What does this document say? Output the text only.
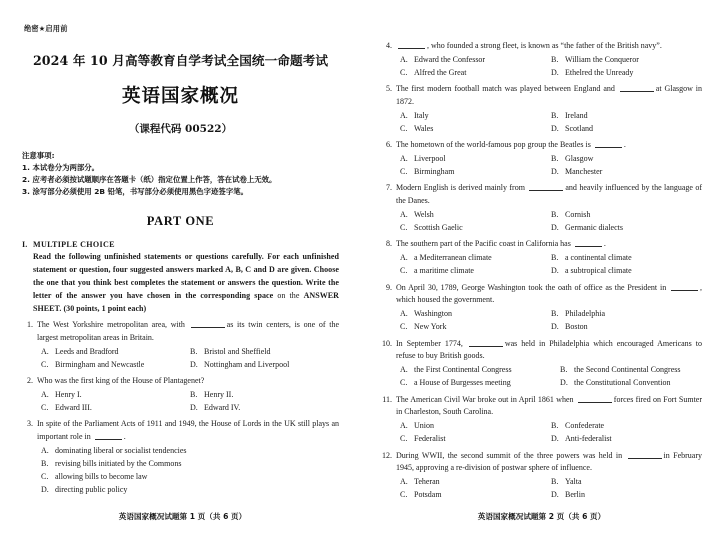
绝密★启用前
2024 年 10 月高等教育自学考试全国统一命题考试
英语国家概况
（课程代码 00522）
注意事项:
1. 本试卷分为两部分。
2. 应考者必须按试题顺序在答题卡（纸）指定位置上作答，答在试卷上无效。
3. 涂写部分必须使用 2B 铅笔，书写部分必须使用黑色字迹签字笔。
PART ONE
I. MULTIPLE CHOICE
Read the following unfinished statements or questions carefully. For each unfinished statement or question, four suggested answers marked A, B, C and D are given. Choose the one that you think best completes the statement or answers the question. Write the letter of the answer you have chosen in the corresponding space on the ANSWER SHEET. (30 points, 1 point each)
1. The West Yorkshire metropolitan area, with	as its twin centers, is one of the largest metropolitan areas in Britain.
A. Leeds and Bradford	B. Bristol and Sheffield
C. Birmingham and Newcastle	D. Nottingham and Liverpool
2. Who was the first king of the House of Plantagenet?
A. Henry I.	B. Henry II.
C. Edward III.	D. Edward IV.
3. In spite of the Parliament Acts of 1911 and 1949, the House of Lords in the UK still plays an important role in	.
A. dominating liberal or socialist tendencies
B. revising bills initiated by the Commons
C. allowing bills to become law
D. directing public policy
英语国家概况试题第 1 页（共 6 页）
4.	, who founded a strong fleet, is known as “the father of the British navy”.
A. Edward the Confessor	B. William the Conqueror
C. Alfred the Great	D. Ethelred the Unready
5. The first modern football match was played between England and	at Glasgow in 1872.
A. Italy	B. Ireland
C. Wales	D. Scotland
6. The hometown of the world-famous pop group the Beatles is	.
A. Liverpool	B. Glasgow
C. Birmingham	D. Manchester
7. Modern English is derived mainly from	and heavily influenced by the language of the Danes.
A. Welsh	B. Cornish
C. Scottish Gaelic	D. Germanic dialects
8. The southern part of the Pacific coast in California has	.
A. a Mediterranean climate	B. a continental climate
C. a maritime climate	D. a subtropical climate
9. On April 30, 1789, George Washington took the oath of office as the President in	, which housed the government.
A. Washington	B. Philadelphia
C. New York	D. Boston
10. In September 1774,	was held in Philadelphia which encouraged Americans to refuse to buy British goods.
A. the First Continental Congress	B. the Second Continental Congress
C. a House of Burgesses meeting	D. the Constitutional Convention
11. The American Civil War broke out in April 1861 when	forces fired on Fort Sumter in Charleston, South Carolina.
A. Union	B. Confederate
C. Federalist	D. Anti-federalist
12. During WWII, the second summit of the three powers was held in	in February 1945, approving a re-division of postwar sphere of influence.
A. Teheran	B. Yalta
C. Potsdam	D. Berlin
英语国家概况试题第 2 页（共 6 页）
